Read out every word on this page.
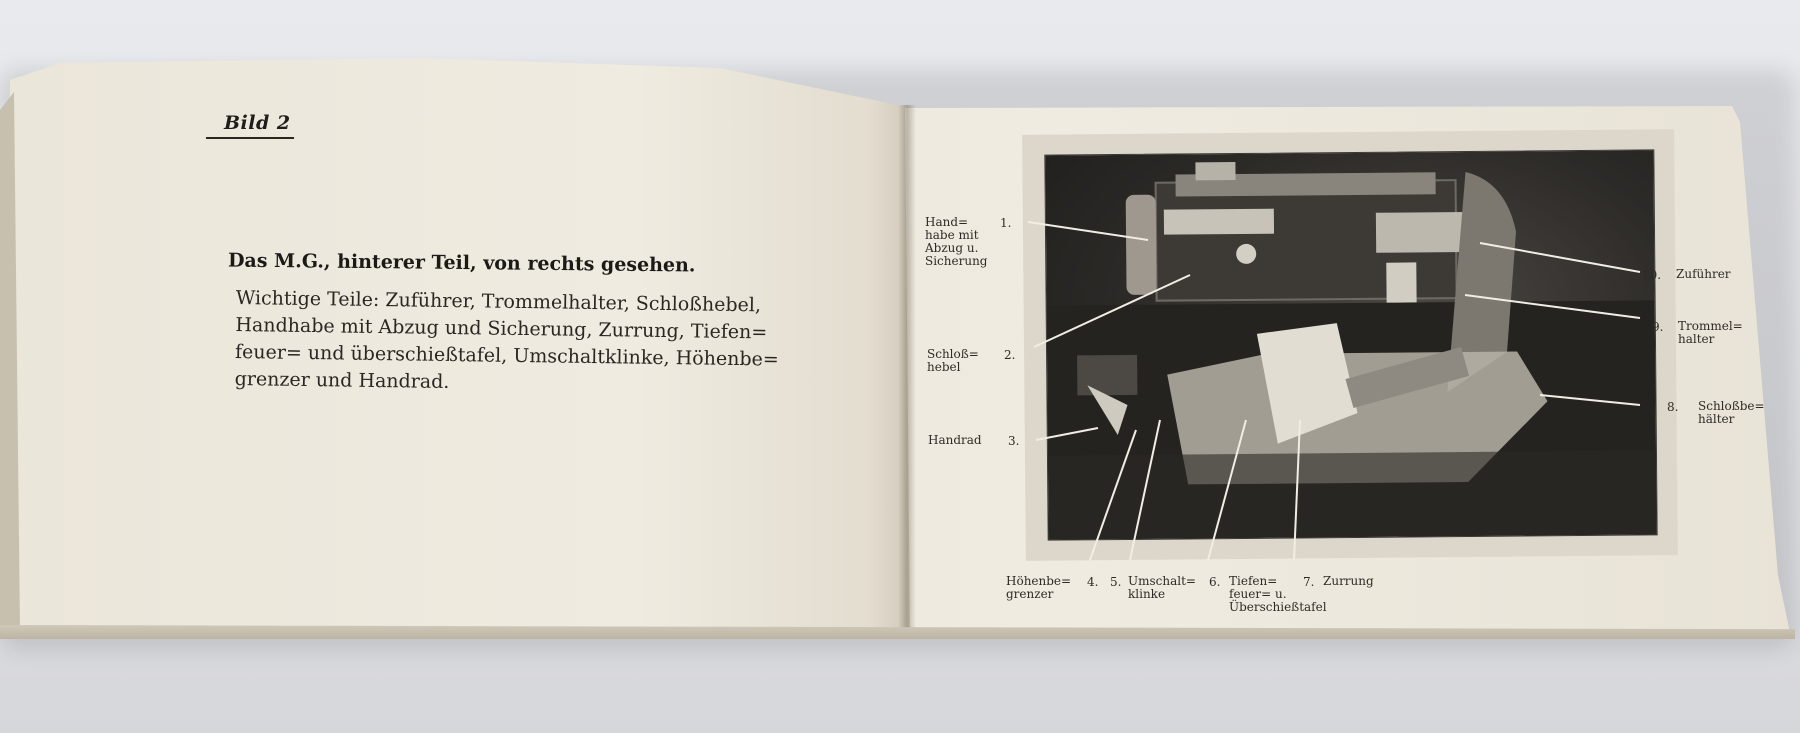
Bild 2
Das M.G., hinterer Teil, von rechts gesehen.
Wichtige Teile: Zuführer, Trommelhalter, Schloßhebel,
Handhabe mit Abzug und Sicherung, Zurrung, Tiefen=
feuer= und überschießtafel, Umschaltklinke, Höhenbe=
grenzer und Handrad.
Hand=
habe mit
Abzug u.
Sicherung
1.
Schloß=
hebel
2.
Handrad 3.
Höhenbe=
grenzer
4. Umschalt=
klinke
5.	Tiefen=
feuer= u.
Überschießtafel
6.	Zurrung
7.
Schloßbe=
hälter
8.
Trommel=
halter
9.
Zuführer
10.
